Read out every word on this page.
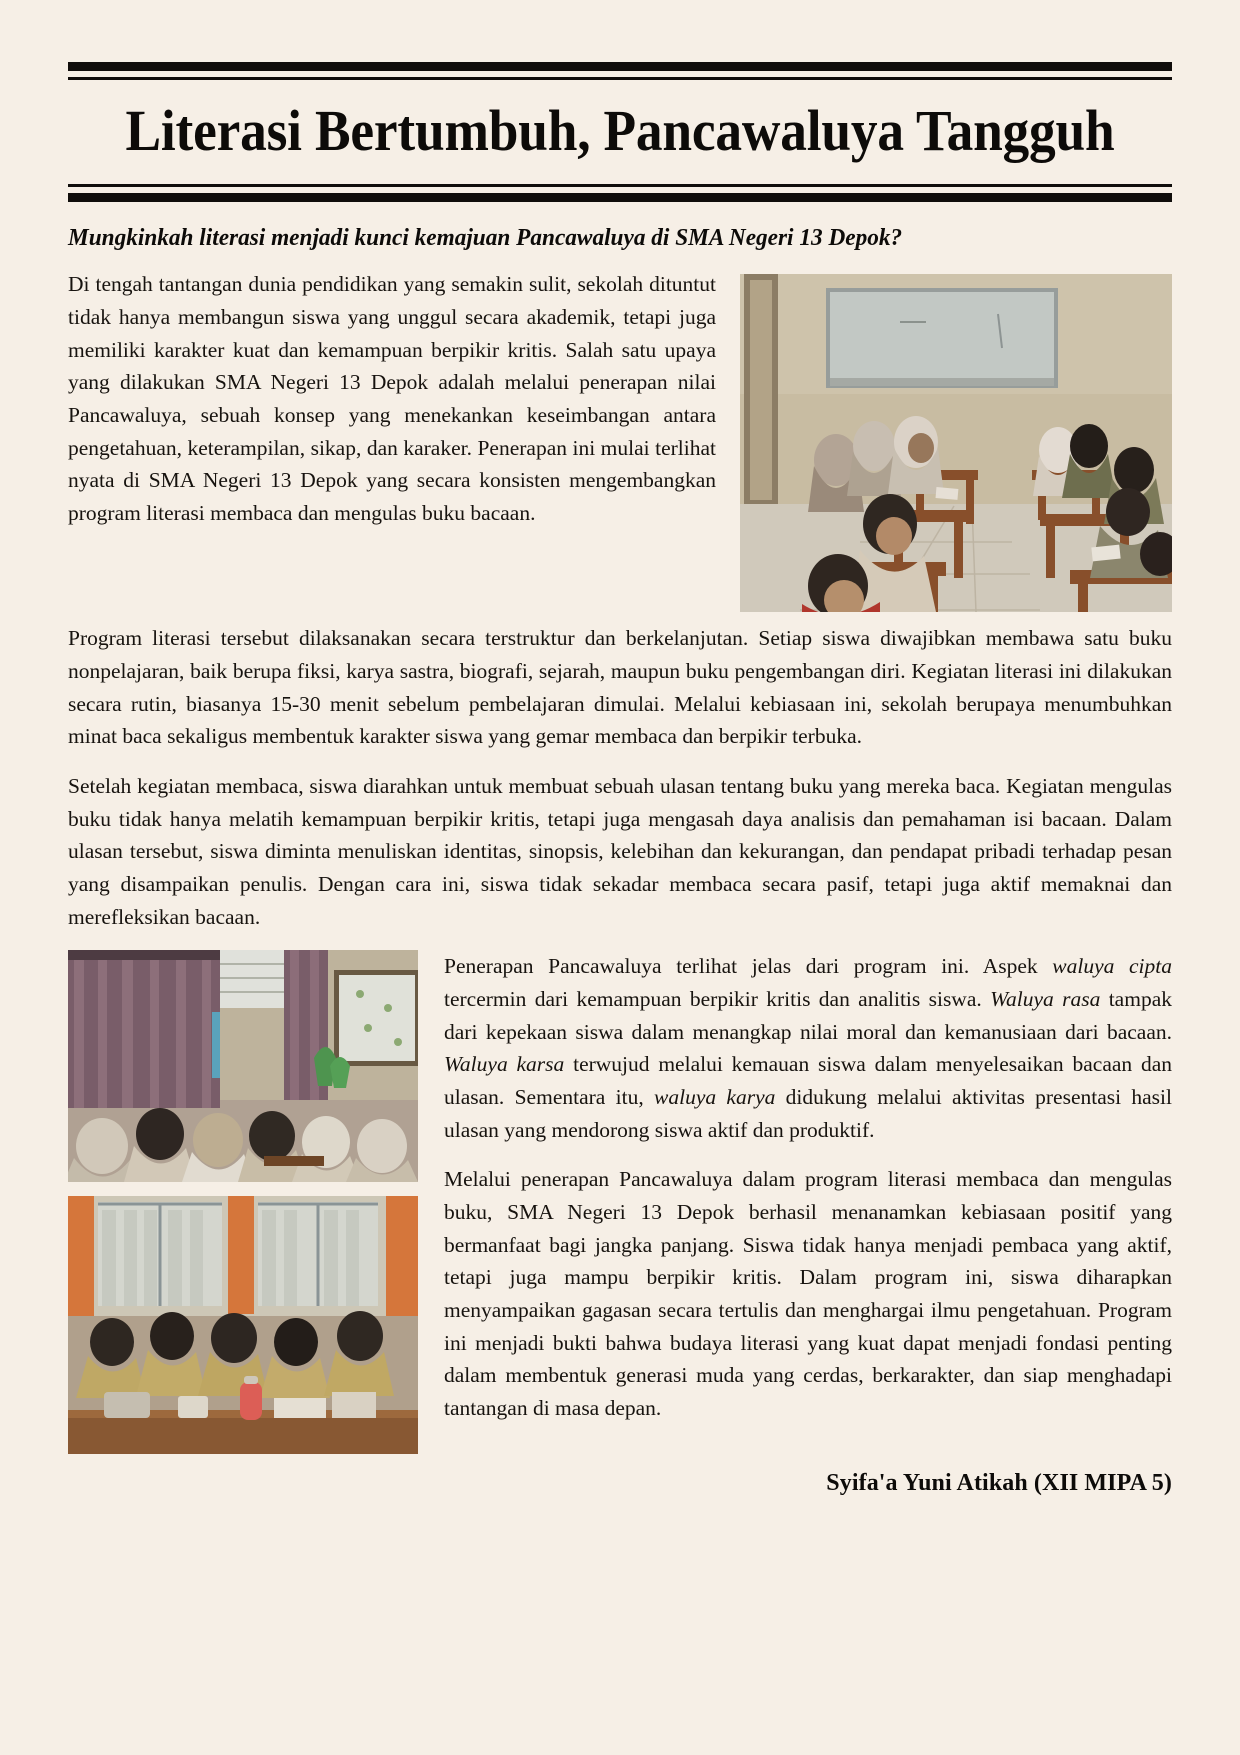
Literasi Bertumbuh, Pancawaluya Tangguh
Mungkinkah literasi menjadi kunci kemajuan Pancawaluya di SMA Negeri 13 Depok?

Di tengah tantangan dunia pendidikan yang semakin sulit, sekolah dituntut tidak hanya membangun siswa yang unggul secara akademik, tetapi juga memiliki karakter kuat dan kemampuan berpikir kritis. Salah satu upaya yang dilakukan SMA Negeri 13 Depok adalah melalui penerapan nilai Pancawaluya, sebuah konsep yang menekankan keseimbangan antara pengetahuan, keterampilan, sikap, dan karaker. Penerapan ini mulai terlihat nyata di SMA Negeri 13 Depok yang secara konsisten mengembangkan program literasi membaca dan mengulas buku bacaan.

Program literasi tersebut dilaksanakan secara terstruktur dan berkelanjutan. Setiap siswa diwajibkan membawa satu buku nonpelajaran, baik berupa fiksi, karya sastra, biografi, sejarah, maupun buku pengembangan diri. Kegiatan literasi ini dilakukan secara rutin, biasanya 15-30 menit sebelum pembelajaran dimulai. Melalui kebiasaan ini, sekolah berupaya menumbuhkan minat baca sekaligus membentuk karakter siswa yang gemar membaca dan berpikir terbuka.

Setelah kegiatan membaca, siswa diarahkan untuk membuat sebuah ulasan tentang buku yang mereka baca. Kegiatan mengulas buku tidak hanya melatih kemampuan berpikir kritis, tetapi juga mengasah daya analisis dan pemahaman isi bacaan. Dalam ulasan tersebut, siswa diminta menuliskan identitas, sinopsis, kelebihan dan kekurangan, dan pendapat pribadi terhadap pesan yang disampaikan penulis. Dengan cara ini, siswa tidak sekadar membaca secara pasif, tetapi juga aktif memaknai dan merefleksikan bacaan.

Penerapan Pancawaluya terlihat jelas dari program ini. Aspek waluya cipta tercermin dari kemampuan berpikir kritis dan analitis siswa. Waluya rasa tampak dari kepekaan siswa dalam menangkap nilai moral dan kemanusiaan dari bacaan. Waluya karsa terwujud melalui kemauan siswa dalam menyelesaikan bacaan dan ulasan. Sementara itu, waluya karya didukung melalui aktivitas presentasi hasil ulasan yang mendorong siswa aktif dan produktif.

Melalui penerapan Pancawaluya dalam program literasi membaca dan mengulas buku, SMA Negeri 13 Depok berhasil menanamkan kebiasaan positif yang bermanfaat bagi jangka panjang. Siswa tidak hanya menjadi pembaca yang aktif, tetapi juga mampu berpikir kritis. Dalam program ini, siswa diharapkan menyampaikan gagasan secara tertulis dan menghargai ilmu pengetahuan. Program ini menjadi bukti bahwa budaya literasi yang kuat dapat menjadi fondasi penting dalam membentuk generasi muda yang cerdas, berkarakter, dan siap menghadapi tantangan di masa depan.

Syifa'a Yuni Atikah (XII MIPA 5)
